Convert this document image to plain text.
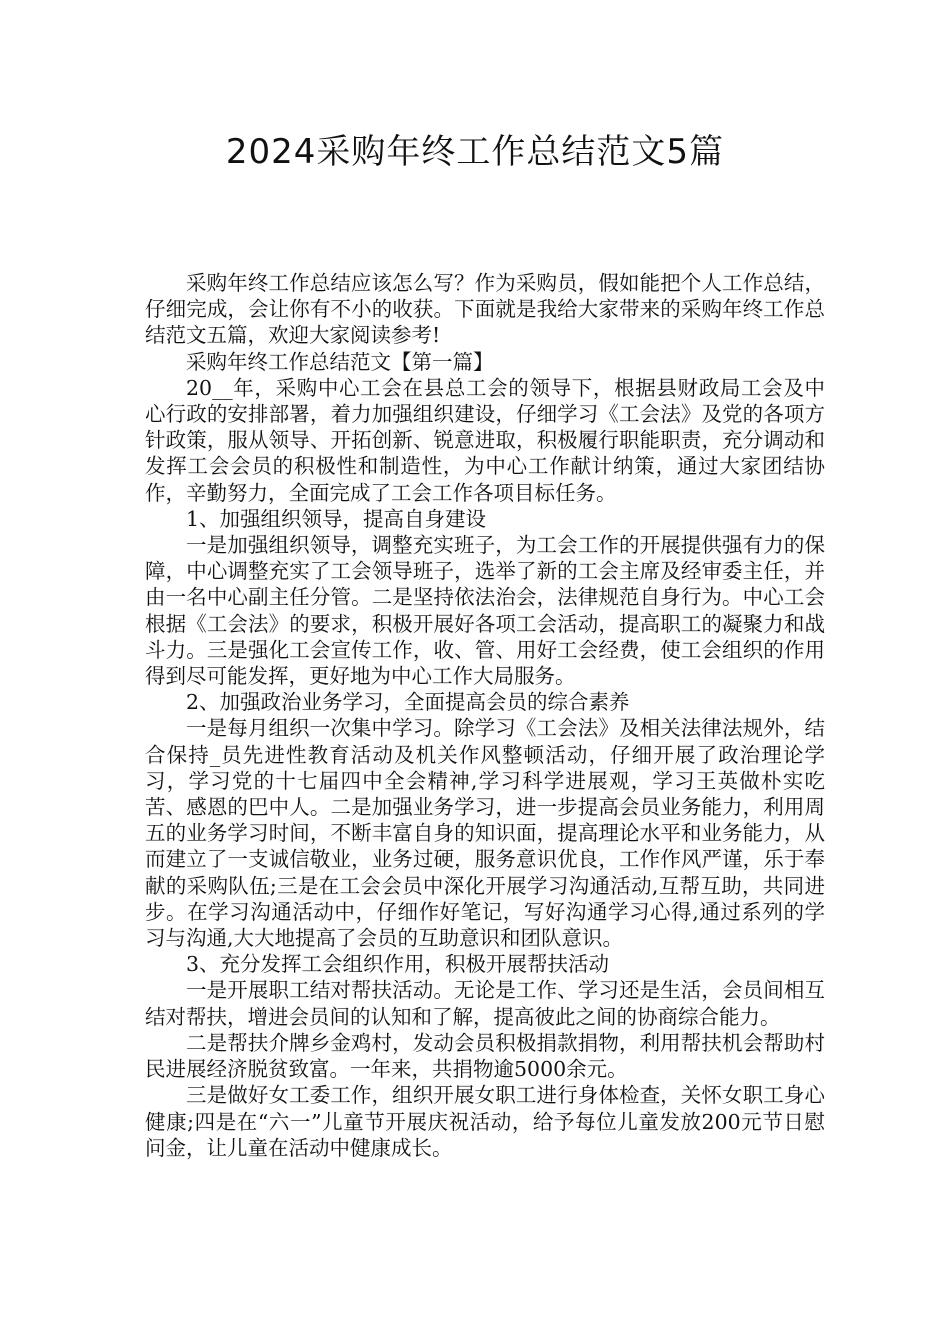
2024采购年终工作总结范文5篇

采购年终工作总结应该怎么写？作为采购员，假如能把个人工作总结，仔细完成，会让你有不小的收获。下面就是我给大家带来的采购年终工作总结范文五篇，欢迎大家阅读参考!

采购年终工作总结范文【第一篇】

20__年，采购中心工会在县总工会的领导下，根据县财政局工会及中心行政的安排部署，着力加强组织建设，仔细学习《工会法》及党的各项方针政策，服从领导、开拓创新、锐意进取，积极履行职能职责，充分调动和发挥工会会员的积极性和制造性，为中心工作献计纳策，通过大家团结协作，辛勤努力，全面完成了工会工作各项目标任务。

1、加强组织领导，提高自身建设

一是加强组织领导，调整充实班子，为工会工作的开展提供强有力的保障，中心调整充实了工会领导班子，选举了新的工会主席及经审委主任，并由一名中心副主任分管。二是坚持依法治会，法律规范自身行为。中心工会根据《工会法》的要求，积极开展好各项工会活动，提高职工的凝聚力和战斗力。三是强化工会宣传工作，收、管、用好工会经费，使工会组织的作用得到尽可能发挥，更好地为中心工作大局服务。

2、加强政治业务学习，全面提高会员的综合素养

一是每月组织一次集中学习。除学习《工会法》及相关法律法规外，结合保持_员先进性教育活动及机关作风整顿活动，仔细开展了政治理论学习，学习党的十七届四中全会精神,学习科学进展观，学习王英做朴实吃苦、感恩的巴中人。二是加强业务学习，进一步提高会员业务能力，利用周五的业务学习时间，不断丰富自身的知识面，提高理论水平和业务能力，从而建立了一支诚信敬业，业务过硬，服务意识优良，工作作风严谨，乐于奉献的采购队伍;三是在工会会员中深化开展学习沟通活动,互帮互助，共同进步。在学习沟通活动中，仔细作好笔记，写好沟通学习心得,通过系列的学习与沟通,大大地提高了会员的互助意识和团队意识。

3、充分发挥工会组织作用，积极开展帮扶活动

一是开展职工结对帮扶活动。无论是工作、学习还是生活，会员间相互结对帮扶，增进会员间的认知和了解，提高彼此之间的协商综合能力。

二是帮扶介牌乡金鸡村，发动会员积极捐款捐物，利用帮扶机会帮助村民进展经济脱贫致富。一年来，共捐物逾5000余元。

三是做好女工委工作，组织开展女职工进行身体检查，关怀女职工身心健康;四是在“六一”儿童节开展庆祝活动，给予每位儿童发放200元节日慰问金，让儿童在活动中健康成长。
